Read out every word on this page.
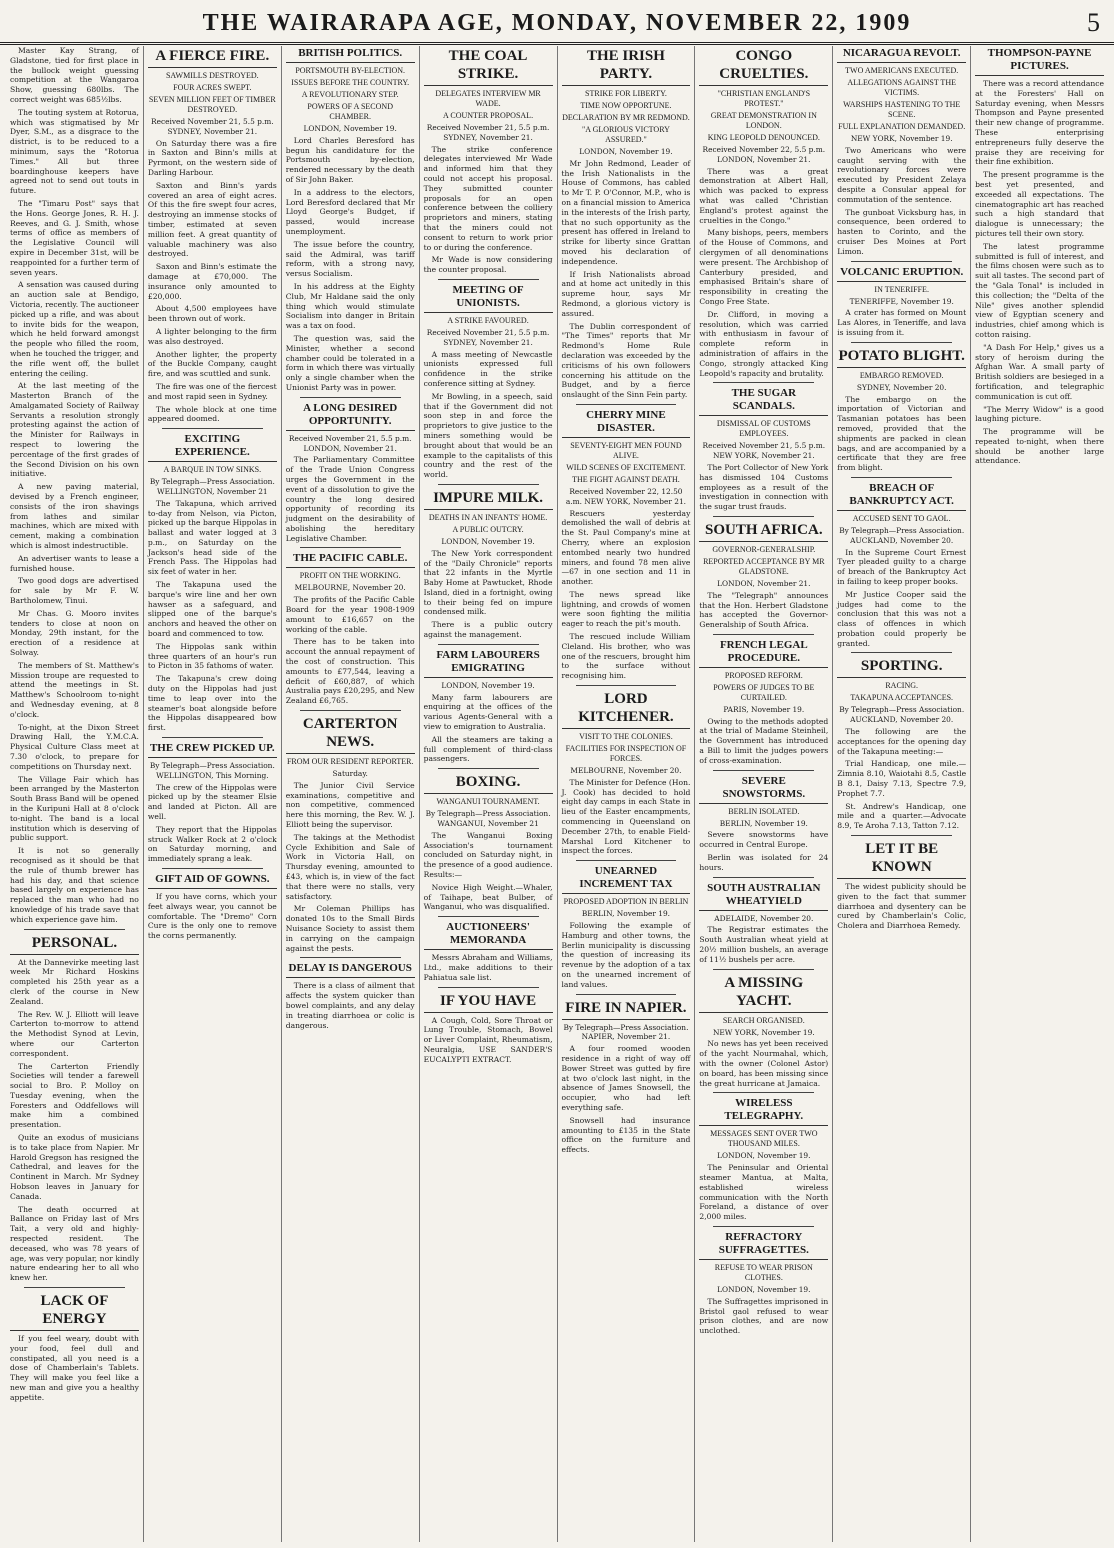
THE WAIRARAPA AGE, MONDAY, NOVEMBER 22, 1909	5

Master Kay Strang, of Gladstone, tied for first place in the bullock weight guessing competition at the Wangaroa Show, guessing 680lbs. The correct weight was 685½lbs.

The touting system at Rotorua, which was stigmatised by Mr Dyer, S.M., as a disgrace to the district, is to be reduced to a minimum, says the "Rotorua Times." All but three boardinghouse keepers have agreed not to send out touts in future.

The "Timaru Post" says that the Hons. George Jones, R. H. J. Reeves, and G. J. Smith, whose terms of office as members of the Legislative Council will expire in December 31st, will be reappointed for a further term of seven years.

A sensation was caused during an auction sale at Bendigo, Victoria, recently. The auctioneer picked up a rifle, and was about to invite bids for the weapon, which he held forward amongst the people who filled the room, when he touched the trigger, and the rifle went off, the bullet entering the ceiling.

At the last meeting of the Masterton Branch of the Amalgamated Society of Railway Servants a resolution strongly protesting against the action of the Minister for Railways in respect to lowering the percentage of the first grades of the Second Division on his own initiative.

A new paving material, devised by a French engineer, consists of the iron shavings from lathes and similar machines, which are mixed with cement, making a combination which is almost indestructible.

An advertiser wants to lease a furnished house.

Two good dogs are advertised for sale by Mr F. W. Bartholomew, Tinui.

Mr Chas. G. Mooro invites tenders to close at noon on Monday, 29th instant, for the erection of a residence at Solway.

The members of St. Matthew's Mission troupe are requested to attend the meetings in St. Matthew's Schoolroom to-night and Wednesday evening, at 8 o'clock.

To-night, at the Dixon Street Drawing Hall, the Y.M.C.A. Physical Culture Class meet at 7.30 o'clock, to prepare for competitions on Thursday next.

The Village Fair which has been arranged by the Masterton South Brass Band will be opened in the Kuripuni Hall at 8 o'clock to-night. The band is a local institution which is deserving of public support.

It is not so generally recognised as it should be that the rule of thumb brewer has had his day, and that science based largely on experience has replaced the man who had no knowledge of his trade save that which experience gave him.

PERSONAL.

At the Dannevirke meeting last week Mr Richard Hoskins completed his 25th year as a clerk of the course in New Zealand.

The Rev. W. J. Elliott will leave Carterton to-morrow to attend the Methodist Synod at Levin, where our Carterton correspondent.

The Carterton Friendly Societies will tender a farewell social to Bro. P. Molloy on Tuesday evening, when the Foresters and Oddfellows will make him a combined presentation.

Quite an exodus of musicians is to take place from Napier. Mr Harold Gregson has resigned the Cathedral, and leaves for the Continent in March. Mr Sydney Hobson leaves in January for Canada.

The death occurred at Ballance on Friday last of Mrs Tait, a very old and highly-respected resident. The deceased, who was 78 years of age, was very popular, nor kindly nature endearing her to all who knew her.

LACK OF ENERGY

If you feel weary, doubt with your food, feel dull and constipated, all you need is a dose of Chamberlain's Tablets. They will make you feel like a new man and give you a healthy appetite.

A FIERCE FIRE.
SAWMILLS DESTROYED.
FOUR ACRES SWEPT.
SEVEN MILLION FEET OF TIMBER DESTROYED.
Received November 21, 5.5 p.m. SYDNEY, November 21.

On Saturday there was a fire in Saxton and Binn's mills at Pyrmont, on the western side of Darling Harbour.

Saxton and Binn's yards covered an area of eight acres. Of this the fire swept four acres, destroying an immense stocks of timber, estimated at seven million feet. A great quantity of valuable machinery was also destroyed.

Saxon and Binn's estimate the damage at £70,000. The insurance only amounted to £20,000.

About 4,500 employees have been thrown out of work.

A lighter belonging to the firm was also destroyed.

Another lighter, the property of the Buckle Company, caught fire, and was scuttled and sunk.

The fire was one of the fiercest and most rapid seen in Sydney.

The whole block at one time appeared doomed.

EXCITING EXPERIENCE.
A BARQUE IN TOW SINKS.
By Telegraph—Press Association. WELLINGTON, November 21

The Takapuna, which arrived to-day from Nelson, via Picton, picked up the barque Hippolas in ballast and water logged at 3 p.m., on Saturday on the Jackson's head side of the French Pass. The Hippolas had six feet of water in her.

The Takapuna used the barque's wire line and her own hawser as a safeguard, and slipped one of the barque's anchors and heaved the other on board and commenced to tow.

The Hippolas sank within three quarters of an hour's run to Picton in 35 fathoms of water.

The Takapuna's crew doing duty on the Hippolas had just time to leap over into the steamer's boat alongside before the Hippolas disappeared bow first.

THE CREW PICKED UP.
By Telegraph—Press Association. WELLINGTON, This Morning.

The crew of the Hippolas were picked up by the steamer Elsie and landed at Picton. All are well.

They report that the Hippolas struck Walker Rock at 2 o'clock on Saturday morning, and immediately sprang a leak.

GIFT AID OF GOWNS.

If you have corns, which your feet always wear, you cannot be comfortable. The "Dremo" Corn Cure is the only one to remove the corns permanently.

BRITISH POLITICS.
PORTSMOUTH BY-ELECTION.
ISSUES BEFORE THE COUNTRY.
A REVOLUTIONARY STEP.
POWERS OF A SECOND CHAMBER.
LONDON, November 19.

Lord Charles Beresford has begun his candidature for the Portsmouth by-election, rendered necessary by the death of Sir John Baker.

In a address to the electors, Lord Beresford declared that Mr Lloyd George's Budget, if passed, would increase unemployment.

The issue before the country, said the Admiral, was tariff reform, with a strong navy, versus Socialism.

In his address at the Eighty Club, Mr Haldane said the only thing which would stimulate Socialism into danger in Britain was a tax on food.

The question was, said the Minister, whether a second chamber could be tolerated in a form in which there was virtually only a single chamber when the Unionist Party was in power.

A LONG DESIRED OPPORTUNITY.
Received November 21, 5.5 p.m. LONDON, November 21.

The Parliamentary Committee of the Trade Union Congress urges the Government in the event of a dissolution to give the country the long desired opportunity of recording its judgment on the desirability of abolishing the hereditary Legislative Chamber.

THE PACIFIC CABLE.
PROFIT ON THE WORKING.
MELBOURNE, November 20.

The profits of the Pacific Cable Board for the year 1908-1909 amount to £16,657 on the working of the cable.

There has to be taken into account the annual repayment of the cost of construction. This amounts to £77,544, leaving a deficit of £60,887, of which Australia pays £20,295, and New Zealand £6,765.

CARTERTON NEWS.
FROM OUR RESIDENT REPORTER.
Saturday.

The Junior Civil Service examinations, competitive and non competitive, commenced here this morning, the Rev. W. J. Elliott being the supervisor.

The takings at the Methodist Cycle Exhibition and Sale of Work in Victoria Hall, on Thursday evening, amounted to £43, which is, in view of the fact that there were no stalls, very satisfactory.

Mr Coleman Phillips has donated 10s to the Small Birds Nuisance Society to assist them in carrying on the campaign against the pests.

DELAY IS DANGEROUS

There is a class of ailment that affects the system quicker than bowel complaints, and any delay in treating diarrhoea or colic is dangerous.

THE COAL STRIKE.
DELEGATES INTERVIEW MR WADE.
A COUNTER PROPOSAL.
Received November 21, 5.5 p.m. SYDNEY, November 21.

The strike conference delegates interviewed Mr Wade and informed him that they could not accept his proposal. They submitted counter proposals for an open conference between the colliery proprietors and miners, stating that the miners could not consent to return to work prior to or during the conference.

Mr Wade is now considering the counter proposal.

MEETING OF UNIONISTS.
A STRIKE FAVOURED.
Received November 21, 5.5 p.m. SYDNEY, November 21.

A mass meeting of Newcastle unionists expressed full confidence in the strike conference sitting at Sydney.

Mr Bowling, in a speech, said that if the Government did not soon step in and force the proprietors to give justice to the miners something would be brought about that would be an example to the capitalists of this country and the rest of the world.

IMPURE MILK.
DEATHS IN AN INFANTS' HOME.
A PUBLIC OUTCRY.
LONDON, November 19.

The New York correspondent of the "Daily Chronicle" reports that 22 infants in the Myrtle Baby Home at Pawtucket, Rhode Island, died in a fortnight, owing to their being fed on impure condensed milk.

There is a public outcry against the management.

FARM LABOURERS EMIGRATING
LONDON, November 19.

Many farm labourers are enquiring at the offices of the various Agents-General with a view to emigration to Australia.

All the steamers are taking a full complement of third-class passengers.

BOXING.
WANGANUI TOURNAMENT.
By Telegraph—Press Association. WANGANUI, November 21

The Wanganui Boxing Association's tournament concluded on Saturday night, in the presence of a good audience. Results:—

Novice High Weight.—Whaler, of Taihape, beat Bulber, of Wanganui, who was disqualified.

AUCTIONEERS' MEMORANDA

Messrs Abraham and Williams, Ltd., make additions to their Pahiatua sale list.

IF YOU HAVE

A Cough, Cold, Sore Throat or Lung Trouble, Stomach, Bowel or Liver Complaint, Rheumatism, Neuralgia, USE SANDER'S EUCALYPTI EXTRACT.

THE IRISH PARTY.
STRIKE FOR LIBERTY.
TIME NOW OPPORTUNE.
DECLARATION BY MR REDMOND.
"A GLORIOUS VICTORY ASSURED."
LONDON, November 19.

Mr John Redmond, Leader of the Irish Nationalists in the House of Commons, has cabled to Mr T. P. O'Connor, M.P., who is on a financial mission to America in the interests of the Irish party, that no such opportunity as the present has offered in Ireland to strike for liberty since Grattan moved his declaration of independence.

If Irish Nationalists abroad and at home act unitedly in this supreme hour, says Mr Redmond, a glorious victory is assured.

The Dublin correspondent of "The Times" reports that Mr Redmond's Home Rule declaration was exceeded by the criticisms of his own followers concerning his attitude on the Budget, and by a fierce onslaught of the Sinn Fein party.

CHERRY MINE DISASTER.
SEVENTY-EIGHT MEN FOUND ALIVE.
WILD SCENES OF EXCITEMENT.
THE FIGHT AGAINST DEATH.
Received November 22, 12.50 a.m. NEW YORK, November 21.

Rescuers yesterday demolished the wall of debris at the St. Paul Company's mine at Cherry, where an explosion entombed nearly two hundred miners, and found 78 men alive—67 in one section and 11 in another.

The news spread like lightning, and crowds of women were soon fighting the militia eager to reach the pit's mouth.

The rescued include William Cleland. His brother, who was one of the rescuers, brought him to the surface without recognising him.

LORD KITCHENER.
VISIT TO THE COLONIES.
FACILITIES FOR INSPECTION OF FORCES.
MELBOURNE, November 20.

The Minister for Defence (Hon. J. Cook) has decided to hold eight day camps in each State in lieu of the Easter encampments, commencing in Queensland on December 27th, to enable Field-Marshal Lord Kitchener to inspect the forces.

UNEARNED INCREMENT TAX
PROPOSED ADOPTION IN BERLIN
BERLIN, November 19.

Following the example of Hamburg and other towns, the Berlin municipality is discussing the question of increasing its revenue by the adoption of a tax on the unearned increment of land values.

FIRE IN NAPIER.
By Telegraph—Press Association. NAPIER, November 21.

A four roomed wooden residence in a right of way off Bower Street was gutted by fire at two o'clock last night, in the absence of James Snowsell, the occupier, who had left everything safe.

Snowsell had insurance amounting to £135 in the State office on the furniture and effects.

CONGO CRUELTIES.
"CHRISTIAN ENGLAND'S PROTEST."
GREAT DEMONSTRATION IN LONDON.
KING LEOPOLD DENOUNCED.
Received November 22, 5.5 p.m. LONDON, November 21.

There was a great demonstration at Albert Hall, which was packed to express what was called "Christian England's protest against the cruelties in the Congo."

Many bishops, peers, members of the House of Commons, and clergymen of all denominations were present. The Archbishop of Canterbury presided, and emphasised Britain's share of responsibility in creating the Congo Free State.

Dr. Clifford, in moving a resolution, which was carried with enthusiasm in favour of complete reform in administration of affairs in the Congo, strongly attacked King Leopold's rapacity and brutality.

THE SUGAR SCANDALS.
DISMISSAL OF CUSTOMS EMPLOYEES.
Received November 21, 5.5 p.m. NEW YORK, November 21.

The Port Collector of New York has dismissed 104 Customs employees as a result of the investigation in connection with the sugar trust frauds.

SOUTH AFRICA.
GOVERNOR-GENERALSHIP.
REPORTED ACCEPTANCE BY MR GLADSTONE.
LONDON, November 21.

The "Telegraph" announces that the Hon. Herbert Gladstone has accepted the Governor-Generalship of South Africa.

FRENCH LEGAL PROCEDURE.
PROPOSED REFORM.
POWERS OF JUDGES TO BE CURTAILED.
PARIS, November 19.

Owing to the methods adopted at the trial of Madame Steinheil, the Government has introduced a Bill to limit the judges powers of cross-examination.

SEVERE SNOWSTORMS.
BERLIN ISOLATED.
BERLIN, November 19.

Severe snowstorms have occurred in Central Europe.

Berlin was isolated for 24 hours.

SOUTH AUSTRALIAN WHEATYIELD
ADELAIDE, November 20.

The Registrar estimates the South Australian wheat yield at 20½ million bushels, an average of 11½ bushels per acre.

A MISSING YACHT.
SEARCH ORGANISED.
NEW YORK, November 19.

No news has yet been received of the yacht Nourmahal, which, with the owner (Colonel Astor) on board, has been missing since the great hurricane at Jamaica.

WIRELESS TELEGRAPHY.
MESSAGES SENT OVER TWO THOUSAND MILES.
LONDON, November 19.

The Peninsular and Oriental steamer Mantua, at Malta, established wireless communication with the North Foreland, a distance of over 2,000 miles.

REFRACTORY SUFFRAGETTES.
REFUSE TO WEAR PRISON CLOTHES.
LONDON, November 19.

The Suffragettes imprisoned in Bristol gaol refused to wear prison clothes, and are now unclothed.

NICARAGUA REVOLT.
TWO AMERICANS EXECUTED.
ALLEGATIONS AGAINST THE VICTIMS.
WARSHIPS HASTENING TO THE SCENE.
FULL EXPLANATION DEMANDED.
NEW YORK, November 19.

Two Americans who were caught serving with the revolutionary forces were executed by President Zelaya despite a Consular appeal for commutation of the sentence.

The gunboat Vicksburg has, in consequence, been ordered to hasten to Corinto, and the cruiser Des Moines at Port Limon.

VOLCANIC ERUPTION.
IN TENERIFFE.
TENERIFFE, November 19.

A crater has formed on Mount Las Alores, in Teneriffe, and lava is issuing from it.

POTATO BLIGHT.
EMBARGO REMOVED.
SYDNEY, November 20.

The embargo on the importation of Victorian and Tasmanian potatoes has been removed, provided that the shipments are packed in clean bags, and are accompanied by a certificate that they are free from blight.

BREACH OF BANKRUPTCY ACT.
ACCUSED SENT TO GAOL.
By Telegraph—Press Association. AUCKLAND, November 20.

In the Supreme Court Ernest Tyer pleaded guilty to a charge of breach of the Bankruptcy Act in failing to keep proper books.

Mr Justice Cooper said the judges had come to the conclusion that this was not a class of offences in which probation could properly be granted.

SPORTING.
RACING.
TAKAPUNA ACCEPTANCES.
By Telegraph—Press Association. AUCKLAND, November 20.

The following are the acceptances for the opening day of the Takapuna meeting:—

Trial Handicap, one mile.—Zimnia 8.10, Waiotahi 8.5, Castle B 8.1, Daisy 7.13, Spectre 7.9, Prophet 7.7.

St. Andrew's Handicap, one mile and a quarter.—Advocate 8.9, Te Aroha 7.13, Tatton 7.12.

LET IT BE KNOWN

The widest publicity should be given to the fact that summer diarrhoea and dysentery can be cured by Chamberlain's Colic, Cholera and Diarrhoea Remedy.

THOMPSON-PAYNE PICTURES.

There was a record attendance at the Foresters' Hall on Saturday evening, when Messrs Thompson and Payne presented their new change of programme. These enterprising entrepreneurs fully deserve the praise they are receiving for their fine exhibition.

The present programme is the best yet presented, and exceeded all expectations. The cinematographic art has reached such a high standard that dialogue is unnecessary; the pictures tell their own story.

The latest programme submitted is full of interest, and the films chosen were such as to suit all tastes. The second part of the "Gala Tonal" is included in this collection; the "Delta of the Nile" gives another splendid view of Egyptian scenery and industries, chief among which is cotton raising.

"A Dash For Help," gives us a story of heroism during the Afghan War. A small party of British soldiers are besieged in a fortification, and telegraphic communication is cut off.

"The Merry Widow" is a good laughing picture.

The programme will be repeated to-night, when there should be another large attendance.
